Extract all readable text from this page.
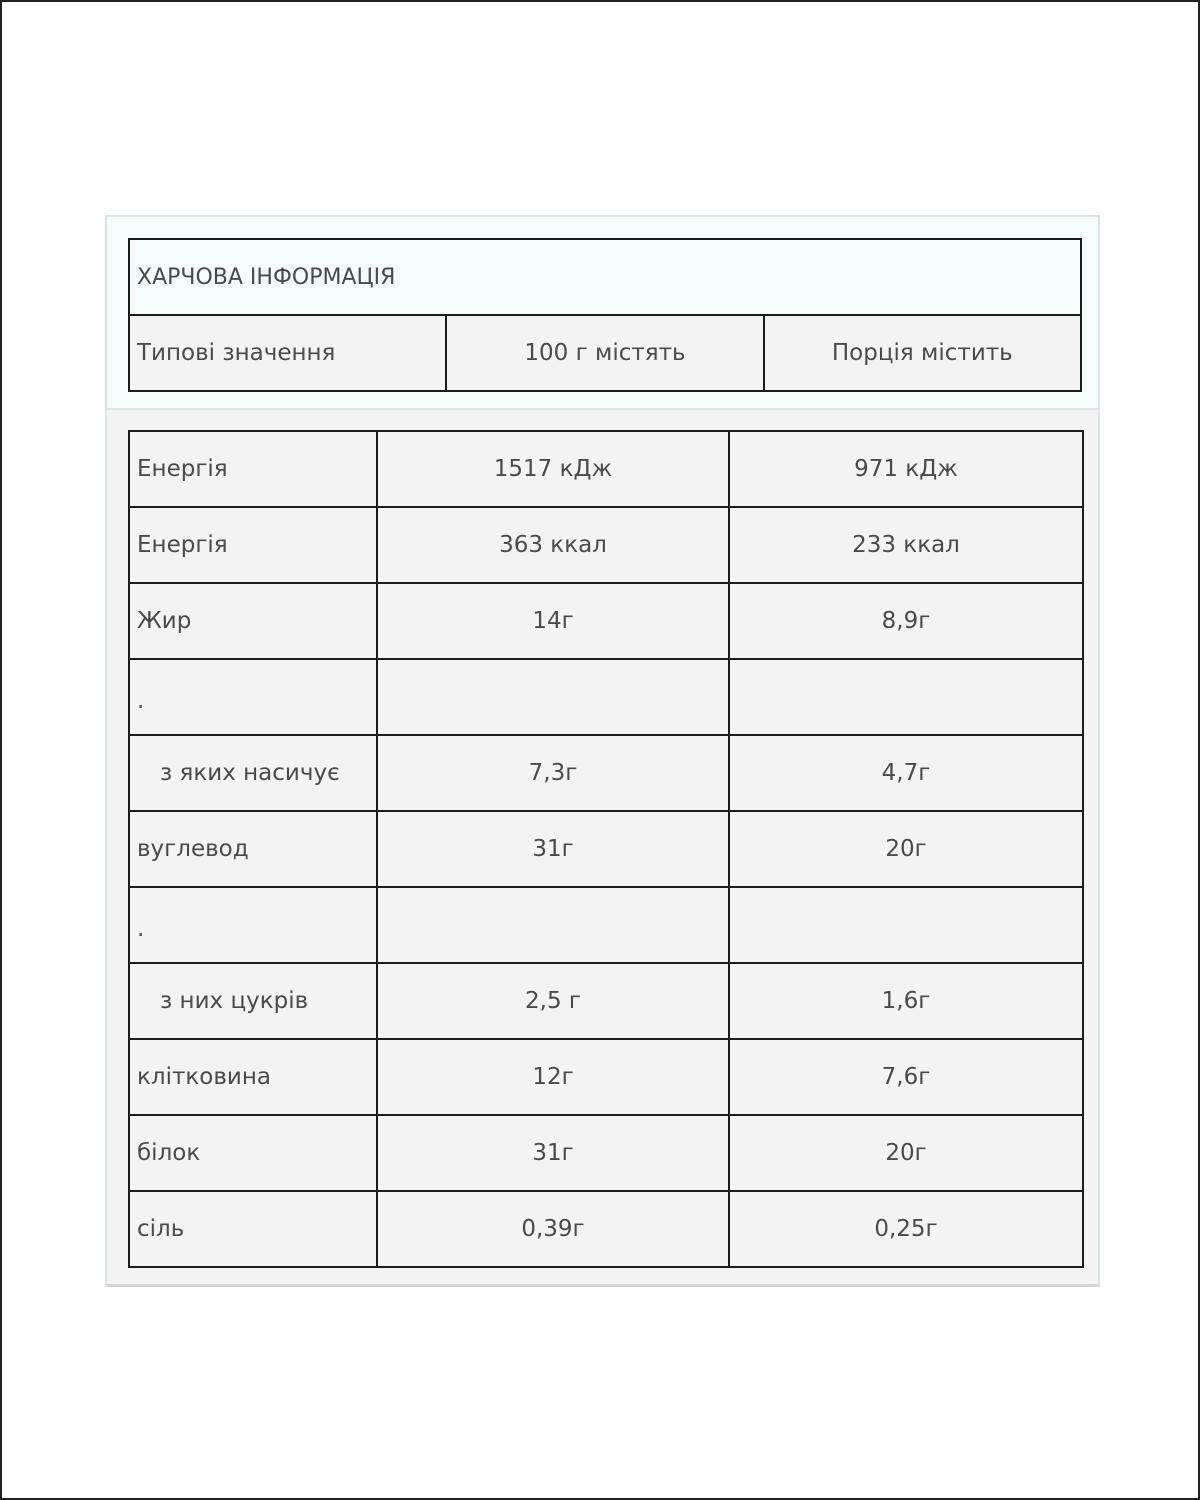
ХАРЧОВА ІНФОРМАЦІЯ
Типові значення	100 г містять	Порція містить
Енергія	1517 кДж	971 кДж
Енергія	363 ккал	233 ккал
Жир	14г	8,9г
.		
з яких насичує	7,3г	4,7г
вуглевод	31г	20г
.		
з них цукрів	2,5 г	1,6г
клітковина	12г	7,6г
білок	31г	20г
сіль	0,39г	0,25г
